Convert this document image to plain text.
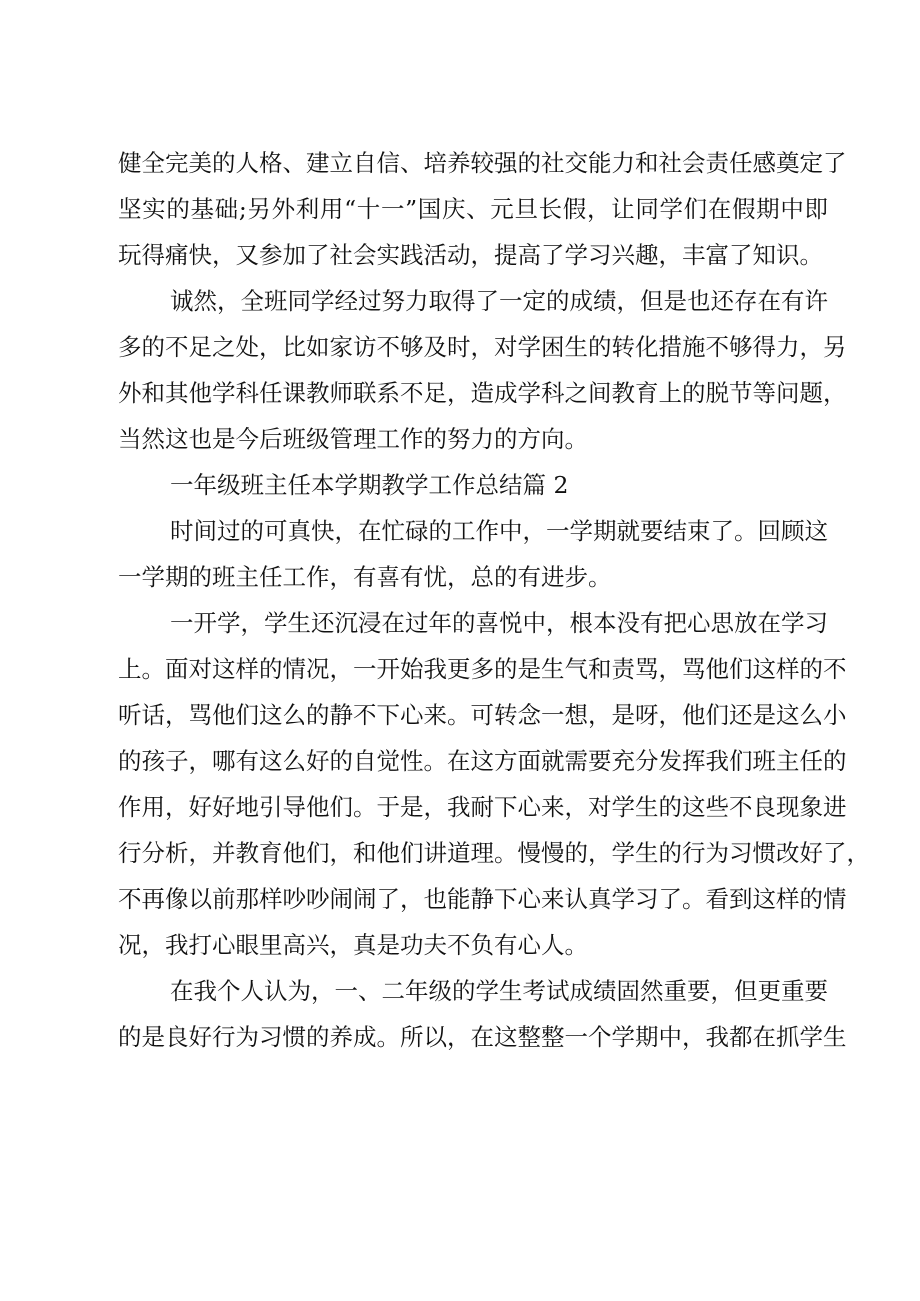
健全完美的人格、建立自信、培养较强的社交能力和社会责任感奠定了
坚实的基础;另外利用“十一”国庆、元旦长假，让同学们在假期中即
玩得痛快，又参加了社会实践活动，提高了学习兴趣，丰富了知识。
诚然，全班同学经过努力取得了一定的成绩，但是也还存在有许
多的不足之处，比如家访不够及时，对学困生的转化措施不够得力，另
外和其他学科任课教师联系不足，造成学科之间教育上的脱节等问题，
当然这也是今后班级管理工作的努力的方向。
一年级班主任本学期教学工作总结篇 2
时间过的可真快，在忙碌的工作中，一学期就要结束了。回顾这
一学期的班主任工作，有喜有忧，总的有进步。
一开学，学生还沉浸在过年的喜悦中，根本没有把心思放在学习
上。面对这样的情况，一开始我更多的是生气和责骂，骂他们这样的不
听话，骂他们这么的静不下心来。可转念一想，是呀，他们还是这么小
的孩子，哪有这么好的自觉性。在这方面就需要充分发挥我们班主任的
作用，好好地引导他们。于是，我耐下心来，对学生的这些不良现象进
行分析，并教育他们，和他们讲道理。慢慢的，学生的行为习惯改好了，
不再像以前那样吵吵闹闹了，也能静下心来认真学习了。看到这样的情
况，我打心眼里高兴，真是功夫不负有心人。
在我个人认为，一、二年级的学生考试成绩固然重要，但更重要
的是良好行为习惯的养成。所以，在这整整一个学期中，我都在抓学生
